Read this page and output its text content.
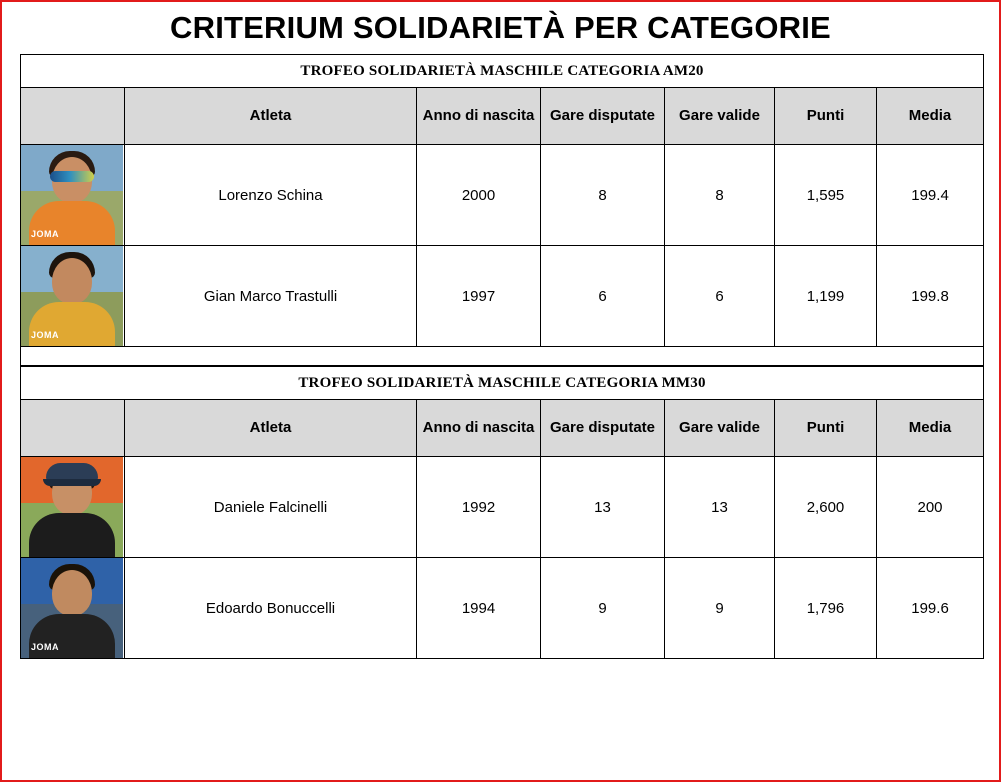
CRITERIUM SOLIDARIETÀ PER CATEGORIE
TROFEO SOLIDARIETÀ MASCHILE CATEGORIA AM20						
	Atleta	Anno di nascita	Gare disputate	Gare valide	Punti	Media

JOMA	Lorenzo Schina	2000	8	8	1,595	199.4

JOMA	Gian Marco Trastulli	1997	6	6	1,199	199.8

TROFEO SOLIDARIETÀ MASCHILE CATEGORIA MM30						
	Atleta	Anno di nascita	Gare disputate	Gare valide	Punti	Media

	Daniele Falcinelli	1992	13	13	2,600	200

JOMA	Edoardo Bonuccelli	1994	9	9	1,796	199.6
